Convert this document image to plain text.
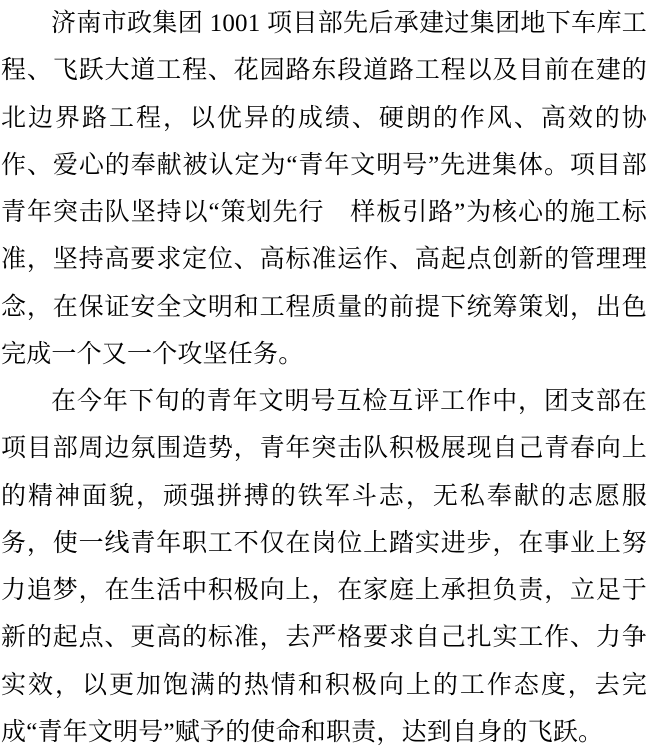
济南市政集团 1001 项目部先后承建过集团地下车库工程、飞跃大道工程、花园路东段道路工程以及目前在建的北边界路工程，以优异的成绩、硬朗的作风、高效的协作、爱心的奉献被认定为“青年文明号”先进集体。项目部青年突击队坚持以“策划先行　样板引路”为核心的施工标准，坚持高要求定位、高标准运作、高起点创新的管理理念，在保证安全文明和工程质量的前提下统筹策划，出色完成一个又一个攻坚任务。

在今年下旬的青年文明号互检互评工作中，团支部在项目部周边氛围造势，青年突击队积极展现自己青春向上的精神面貌，顽强拼搏的铁军斗志，无私奉献的志愿服务，使一线青年职工不仅在岗位上踏实进步，在事业上努力追梦，在生活中积极向上，在家庭上承担负责，立足于新的起点、更高的标准，去严格要求自己扎实工作、力争实效，以更加饱满的热情和积极向上的工作态度，去完成“青年文明号”赋予的使命和职责，达到自身的飞跃。
